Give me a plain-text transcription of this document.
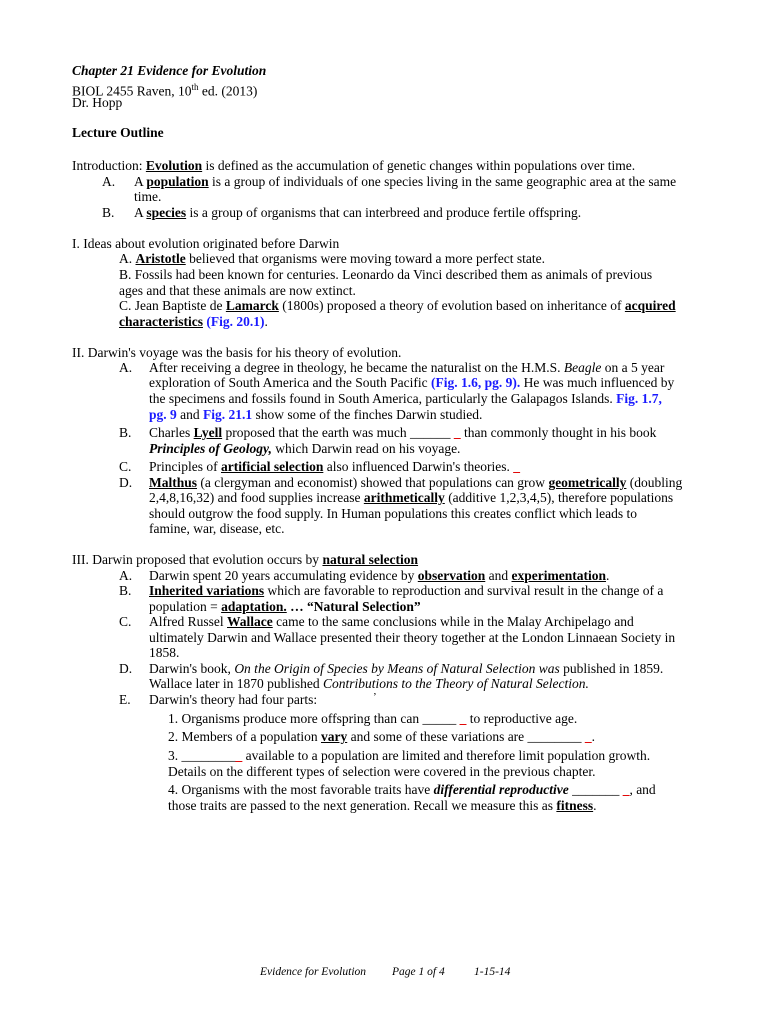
Chapter 21 Evidence for Evolution
BIOL 2455 Raven, 10th ed. (2013)
Dr. Hopp
Lecture Outline
Introduction: Evolution is defined as the accumulation of genetic changes within populations over time.
A. A population is a group of individuals of one species living in the same geographic area at the same
time.
B. A species is a group of organisms that can interbreed and produce fertile offspring.
I. Ideas about evolution originated before Darwin
A. Aristotle believed that organisms were moving toward a more perfect state.
B. Fossils had been known for centuries. Leonardo da Vinci described them as animals of previous
ages and that these animals are now extinct.
C. Jean Baptiste de Lamarck (1800s) proposed a theory of evolution based on inheritance of acquired
characteristics (Fig. 20.1).
II. Darwin's voyage was the basis for his theory of evolution.
A. After receiving a degree in theology, he became the naturalist on the H.M.S. Beagle on a 5 year
exploration of South America and the South Pacific (Fig. 1.6, pg. 9). He was much influenced by
the specimens and fossils found in South America, particularly the Galapagos Islands. Fig. 1.7,
pg. 9 and Fig. 21.1 show some of the finches Darwin studied.
B. Charles Lyell proposed that the earth was much ______ _ than commonly thought in his book
Principles of Geology, which Darwin read on his voyage.
C. Principles of artificial selection also influenced Darwin's theories. _
D. Malthus (a clergyman and economist) showed that populations can grow geometrically (doubling
2,4,8,16,32) and food supplies increase arithmetically (additive 1,2,3,4,5), therefore populations
should outgrow the food supply. In Human populations this creates conflict which leads to
famine, war, disease, etc.
III. Darwin proposed that evolution occurs by natural selection
A. Darwin spent 20 years accumulating evidence by observation and experimentation.
B. Inherited variations which are favorable to reproduction and survival result in the change of a
population = adaptation. … “Natural Selection”
C. Alfred Russel Wallace came to the same conclusions while in the Malay Archipelago and
ultimately Darwin and Wallace presented their theory together at the London Linnaean Society in
1858.
D. Darwin's book, On the Origin of Species by Means of Natural Selection was published in 1859.
Wallace later in 1870 published Contributions to the Theory of Natural Selection.
E. Darwin's theory had four parts:	’
1. Organisms produce more offspring than can _____ _ to reproductive age.
2. Members of a population vary and some of these variations are ________ _.
3. _________ available to a population are limited and therefore limit population growth.
Details on the different types of selection were covered in the previous chapter.
4. Organisms with the most favorable traits have differential reproductive _______ _, and
those traits are passed to the next generation. Recall we measure this as fitness.
Evidence for Evolution Page 1 of 4	1-15-14
